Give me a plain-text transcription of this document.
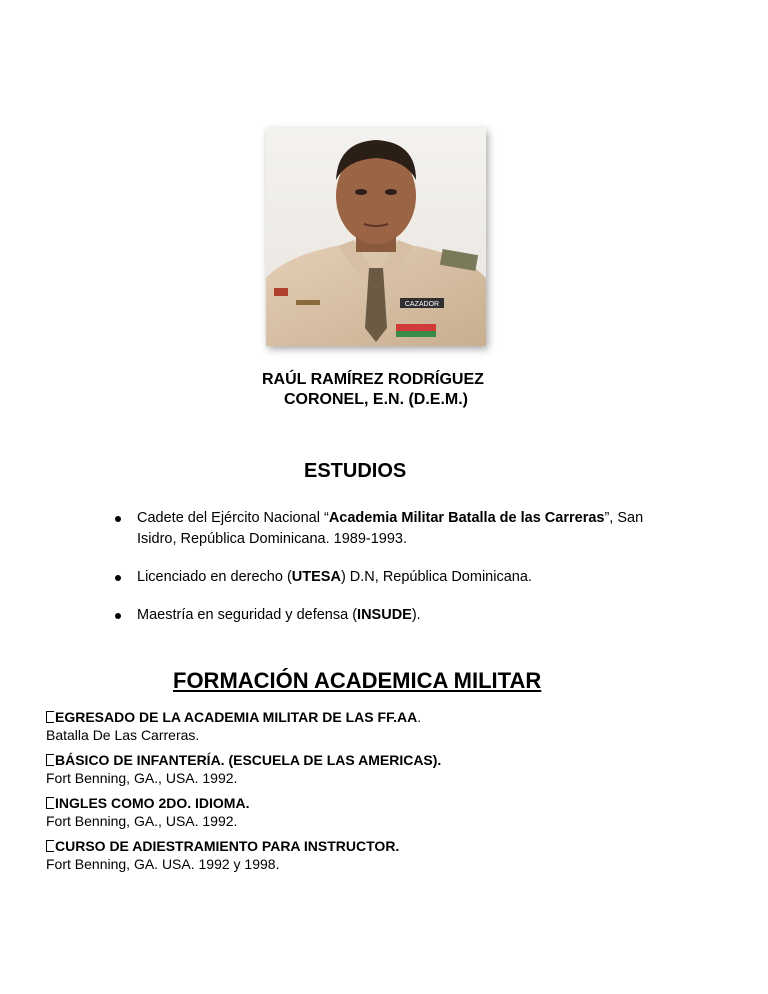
CAZADOR
RAÚL RAMÍREZ RODRÍGUEZ
CORONEL, E.N. (D.E.M.)
ESTUDIOS
Cadete del Ejército Nacional “Academia Militar Batalla de las Carreras”, San Isidro, República Dominicana. 1989-1993.
Licenciado en derecho (UTESA) D.N, República Dominicana.
Maestría en seguridad y defensa (INSUDE).
FORMACIÓN ACADEMICA MILITAR
EGRESADO DE LA ACADEMIA MILITAR DE LAS FF.AA.
Batalla De Las Carreras.
BÁSICO DE INFANTERÍA. (ESCUELA DE LAS AMERICAS).
Fort Benning, GA., USA. 1992.
INGLES COMO 2DO. IDIOMA.
Fort Benning, GA., USA. 1992.
CURSO DE ADIESTRAMIENTO PARA INSTRUCTOR.
Fort Benning, GA. USA. 1992 y 1998.
